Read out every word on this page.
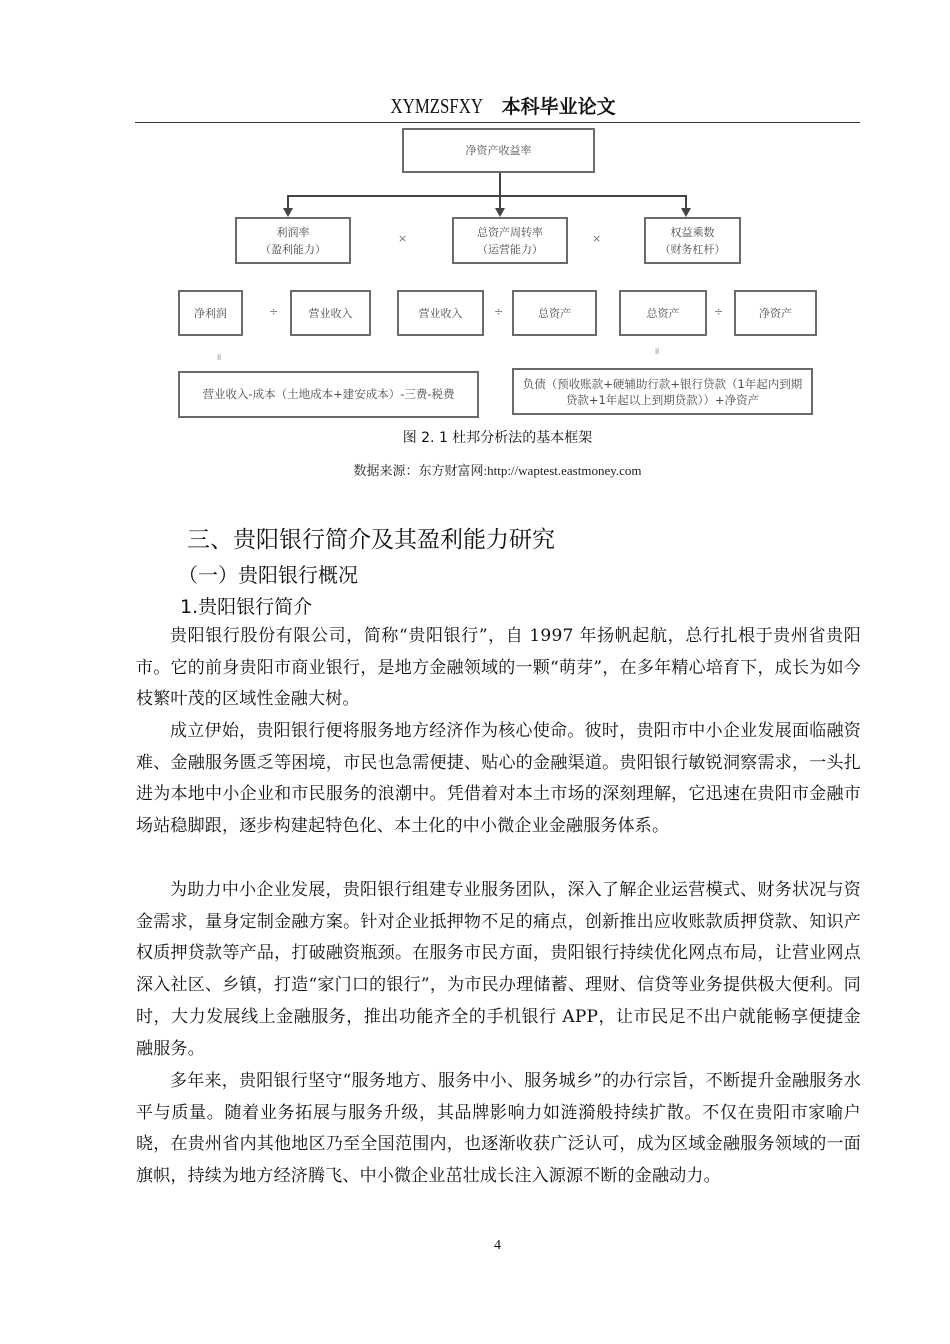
XYMZSFXY 本科毕业论文
净资产收益率
利润率
（盈利能力）
×	总资产周转率
（运营能力）
×	权益乘数
（财务杠杆）
净利润	÷	营业收入	营业收入	÷	总资产	总资产	÷	净资产
॥
॥
营业收入-成本（土地成本+建安成本）-三费-税费
负债（预收账款+硬辅助行款+银行贷款（1年起内到期贷款+1年起以上到期贷款））+净资产
图 2. 1 杜邦分析法的基本框架
数据来源：东方财富网:http://waptest.eastmoney.com
三、贵阳银行简介及其盈利能力研究
（一）贵阳银行概况
1.贵阳银行简介

贵阳银行股份有限公司，简称“贵阳银行”，自 1997 年扬帆起航，总行扎根于贵州省贵阳市。它的前身贵阳市商业银行，是地方金融领域的一颗“萌芽”，在多年精心培育下，成长为如今枝繁叶茂的区域性金融大树。

成立伊始，贵阳银行便将服务地方经济作为核心使命。彼时，贵阳市中小企业发展面临融资难、金融服务匮乏等困境，市民也急需便捷、贴心的金融渠道。贵阳银行敏锐洞察需求，一头扎进为本地中小企业和市民服务的浪潮中。凭借着对本土市场的深刻理解，它迅速在贵阳市金融市场站稳脚跟，逐步构建起特色化、本土化的中小微企业金融服务体系。

为助力中小企业发展，贵阳银行组建专业服务团队，深入了解企业运营模式、财务状况与资金需求，量身定制金融方案。针对企业抵押物不足的痛点，创新推出应收账款质押贷款、知识产权质押贷款等产品，打破融资瓶颈。在服务市民方面，贵阳银行持续优化网点布局，让营业网点深入社区、乡镇，打造“家门口的银行”，为市民办理储蓄、理财、信贷等业务提供极大便利。同时，大力发展线上金融服务，推出功能齐全的手机银行 APP，让市民足不出户就能畅享便捷金融服务。

多年来，贵阳银行坚守“服务地方、服务中小、服务城乡”的办行宗旨，不断提升金融服务水平与质量。随着业务拓展与服务升级，其品牌影响力如涟漪般持续扩散。不仅在贵阳市家喻户晓，在贵州省内其他地区乃至全国范围内，也逐渐收获广泛认可，成为区域金融服务领域的一面旗帜，持续为地方经济腾飞、中小微企业茁壮成长注入源源不断的金融动力。

4
